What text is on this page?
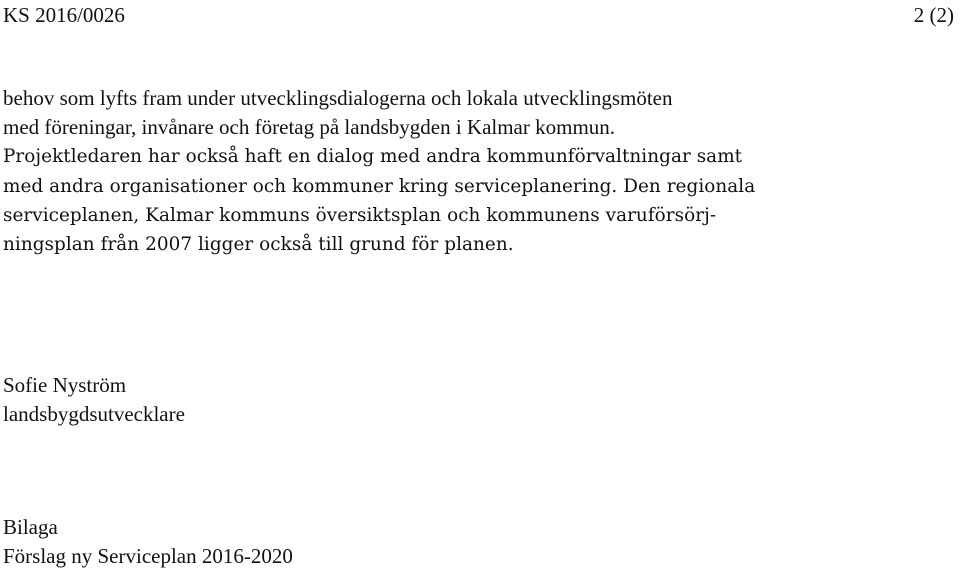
KS 2016/0026	2 (2)
behov som lyfts fram under utvecklingsdialogerna och lokala utvecklingsmöten
med föreningar, invånare och företag på landsbygden i Kalmar kommun.
Projektledaren har också haft en dialog med andra kommunförvaltningar samt
med andra organisationer och kommuner kring serviceplanering. Den regionala
serviceplanen, Kalmar kommuns översiktsplan och kommunens varuförsörj-
ningsplan från 2007 ligger också till grund för planen.
Sofie Nyström
landsbygdsutvecklare
Bilaga
Förslag ny Serviceplan 2016-2020
